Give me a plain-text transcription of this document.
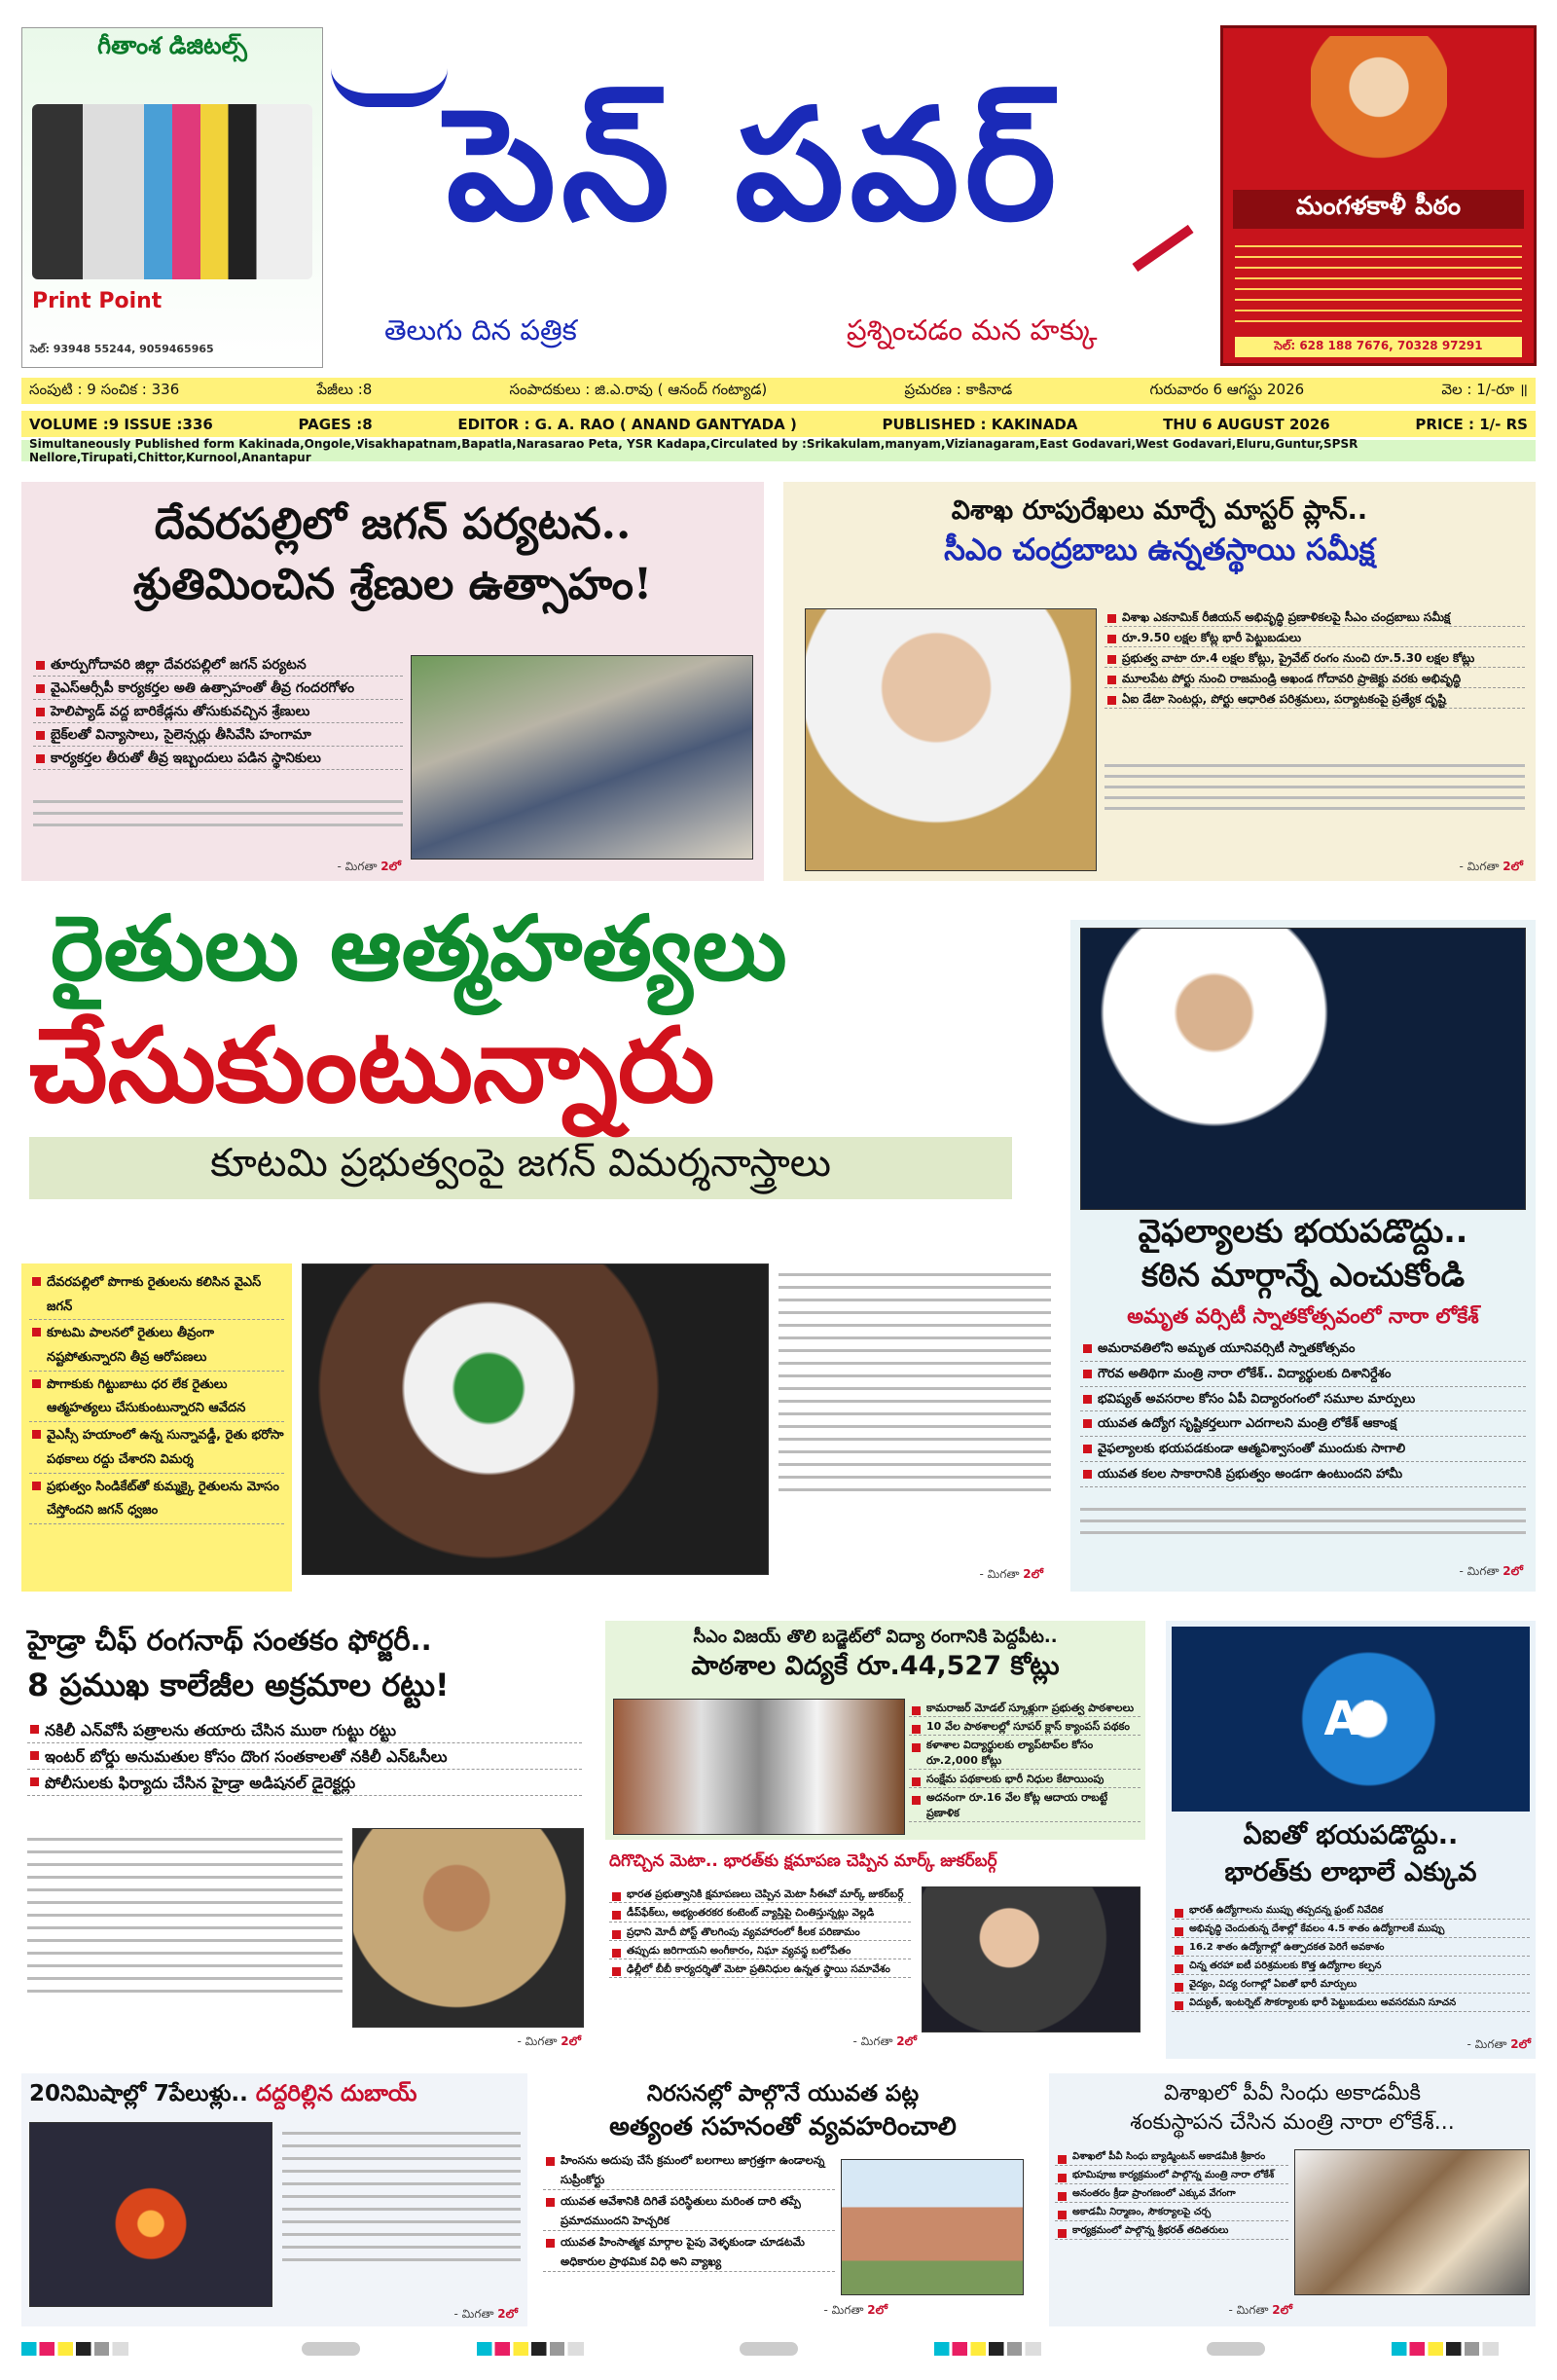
గీతాంశ డిజిటల్స్
Print Point
సెల్: 93948 55244, 9059465965
పెన్ పవర్
తెలుగు దిన పత్రిక	ప్రశ్నించడం మన హక్కు
మంగళకాళీ పీఠం
సెల్: 628 188 7676, 70328 97291
సంపుటి : 9 సంచిక : 336	పేజీలు :8	సంపాదకులు : జి.ఎ.రావు ( ఆనంద్ గంట్యాడ)	ప్రచురణ : కాకినాడ	గురువారం 6 ఆగస్టు 2026	వెల : 1/-రూ ॥
VOLUME :9 ISSUE :336	PAGES :8	EDITOR : G. A. RAO ( ANAND GANTYADA )	PUBLISHED : KAKINADA	THU 6 AUGUST 2026	PRICE : 1/- RS
Simultaneously Published form Kakinada,Ongole,Visakhapatnam,Bapatla,Narasarao Peta, YSR Kadapa,Circulated by :Srikakulam,manyam,Vizianagaram,East Godavari,West Godavari,Eluru,Guntur,SPSR Nellore,Tirupati,Chittor,Kurnool,Anantapur
దేవరపల్లిలో జగన్ పర్యటన..
శ్రుతిమించిన శ్రేణుల ఉత్సాహం!
తూర్పుగోదావరి జిల్లా దేవరపల్లిలో జగన్ పర్యటన
వైఎస్ఆర్సీపీ కార్యకర్తల అతి ఉత్సాహంతో తీవ్ర గందరగోళం
హెలిప్యాడ్ వద్ద బారికేడ్లను తోసుకువచ్చిన శ్రేణులు
బైక్‌లతో విన్యాసాలు, సైలెన్సర్లు తీసివేసి హంగామా
కార్యకర్తల తీరుతో తీవ్ర ఇబ్బందులు పడిన స్థానికులు
- మిగతా 2లో
విశాఖ రూపురేఖలు మార్చే మాస్టర్ ప్లాన్..
సీఎం చంద్రబాబు ఉన్నతస్థాయి సమీక్ష
విశాఖ ఎకనామిక్ రీజియన్ అభివృద్ధి ప్రణాళికలపై సీఎం చంద్రబాబు సమీక్ష
రూ.9.50 లక్షల కోట్ల భారీ పెట్టుబడులు
ప్రభుత్వ వాటా రూ.4 లక్షల కోట్లు, ప్రైవేట్ రంగం నుంచి రూ.5.30 లక్షల కోట్లు
మూలపేట పోర్టు నుంచి రాజమండ్రి అఖండ గోదావరి ప్రాజెక్టు వరకు అభివృద్ధి
ఏఐ డేటా సెంటర్లు, పోర్టు ఆధారిత పరిశ్రమలు, పర్యాటకంపై ప్రత్యేక దృష్టి
- మిగతా 2లో
రైతులు ఆత్మహత్యలు
చేసుకుంటున్నారు
కూటమి ప్రభుత్వంపై జగన్ విమర్శనాస్త్రాలు
దేవరపల్లిలో పొగాకు రైతులను కలిసిన వైఎస్ జగన్
కూటమి పాలనలో రైతులు తీవ్రంగా నష్టపోతున్నారని తీవ్ర ఆరోపణలు
పొగాకుకు గిట్టుబాటు ధర లేక రైతులు ఆత్మహత్యలు చేసుకుంటున్నారని ఆవేదన
వైఎస్సీ హయాంలో ఉన్న సున్నావడ్డీ, రైతు భరోసా పథకాలు రద్దు చేశారని విమర్శ
ప్రభుత్వం సిండికేట్‌తో కుమ్మక్కై రైతులను మోసం చేస్తోందని జగన్ ధ్వజం
- మిగతా 2లో
వైఫల్యాలకు భయపడొద్దు..
కఠిన మార్గాన్నే ఎంచుకోండి
అమృత వర్సిటీ స్నాతకోత్సవంలో నారా లోకేశ్
అమరావతిలోని అమృత యూనివర్సిటీ స్నాతకోత్సవం
గౌరవ అతిథిగా మంత్రి నారా లోకేశ్.. విద్యార్థులకు దిశానిర్దేశం
భవిష్యత్ అవసరాల కోసం ఏపీ విద్యారంగంలో సమూల మార్పులు
యువత ఉద్యోగ సృష్టికర్తలుగా ఎదగాలని మంత్రి లోకేశ్ ఆకాంక్ష
వైఫల్యాలకు భయపడకుండా ఆత్మవిశ్వాసంతో ముందుకు సాగాలి
యువత కలల సాకారానికి ప్రభుత్వం అండగా ఉంటుందని హామీ
- మిగతా 2లో
హైడ్రా చీఫ్ రంగనాథ్ సంతకం ఫోర్జరీ..
8 ప్రముఖ కాలేజీల అక్రమాల రట్టు!
నకిలీ ఎన్‌వోసీ పత్రాలను తయారు చేసిన ముఠా గుట్టు రట్టు
ఇంటర్ బోర్డు అనుమతుల కోసం దొంగ సంతకాలతో నకిలీ ఎన్ఓసీలు
పోలీసులకు ఫిర్యాదు చేసిన హైడ్రా అడిషనల్ డైరెక్టర్లు
- మిగతా 2లో
సీఎం విజయ్ తొలి బడ్జెట్‌లో విద్యా రంగానికి పెద్దపీట..
పాఠశాల విద్యకే రూ.44,527 కోట్లు
కామరాజర్ మోడల్ స్కూళ్లుగా ప్రభుత్వ పాఠశాలలు
10 వేల పాఠశాలల్లో సూపర్ క్లాస్ క్యాంపస్ పథకం
కళాశాల విద్యార్థులకు ల్యాప్‌టాప్‌ల కోసం రూ.2,000 కోట్లు
సంక్షేమ పథకాలకు భారీ నిధుల కేటాయింపు
అదనంగా రూ.16 వేల కోట్ల ఆదాయ రాబట్టే ప్రణాళిక
దిగొచ్చిన మెటా.. భారత్‌కు క్షమాపణ చెప్పిన మార్క్ జుకర్‌బర్గ్
భారత ప్రభుత్వానికి క్షమాపణలు చెప్పిన మెటా సీఈవో మార్క్ జుకర్‌బర్గ్
డీప్‌ఫేక్‌లు, అభ్యంతరకర కంటెంట్ వ్యాప్తిపై చింతిస్తున్నట్లు వెల్లడి
ప్రధాని మోదీ పోస్ట్ తొలగింపు వ్యవహారంలో కీలక పరిణామం
తప్పుడు జరిగాయని అంగీకారం, నిఘా వ్యవస్థ బలోపేతం
ఢిల్లీలో బీబీ కార్యదర్శితో మెటా ప్రతినిధుల ఉన్నత స్థాయి సమావేశం
- మిగతా 2లో
AI
ఏఐతో భయపడొద్దు..
భారత్‌కు లాభాలే ఎక్కువ
భారత్ ఉద్యోగాలను ముప్పు తప్పదన్న ఫ్రంట్ నివేదిక
అభివృద్ధి చెందుతున్న దేశాల్లో కేవలం 4.5 శాతం ఉద్యోగాలకే ముప్పు
16.2 శాతం ఉద్యోగాల్లో ఉత్పాదకత పెరిగే అవకాశం
చిన్న తరహా ఐటీ పరిశ్రమలకు కొత్త ఉద్యోగాల కల్పన
వైద్యం, విద్య రంగాల్లో ఏఐతో భారీ మార్పులు
విద్యుత్, ఇంటర్నెట్ సౌకర్యాలకు భారీ పెట్టుబడులు అవసరమని సూచన
- మిగతా 2లో
20నిమిషాల్లో 7పేలుళ్లు.. దద్దరిల్లిన దుబాయ్
- మిగతా 2లో
నిరసనల్లో పాల్గొనే యువత పట్ల
అత్యంత సహనంతో వ్యవహరించాలి
హింసను అదుపు చేసే క్రమంలో బలగాలు జాగ్రత్తగా ఉండాలన్న సుప్రీంకోర్టు
యువత ఆవేశానికి దిగితే పరిస్థితులు మరింత దారి తప్పే ప్రమాదముందని హెచ్చరిక
యువత హింసాత్మక మార్గాల పైపు వెళ్ళకుండా చూడటమే అధికారుల ప్రాథమిక విధి అని వ్యాఖ్య
- మిగతా 2లో
విశాఖలో పీవీ సింధు అకాడమీకి
శంకుస్థాపన చేసిన మంత్రి నారా లోకేశ్...
విశాఖలో పీవీ సింధు బ్యాడ్మింటన్ అకాడమీకి శ్రీకారం
భూమిపూజ కార్యక్రమంలో పాల్గొన్న మంత్రి నారా లోకేశ్
అనంతరం క్రీడా ప్రాంగణంలో ఎక్కువ వేగంగా
అకాడమీ నిర్మాణం, సౌకర్యాలపై చర్చ
కార్యక్రమంలో పాల్గొన్న శ్రీభరత్ తదితరులు
- మిగతా 2లో
